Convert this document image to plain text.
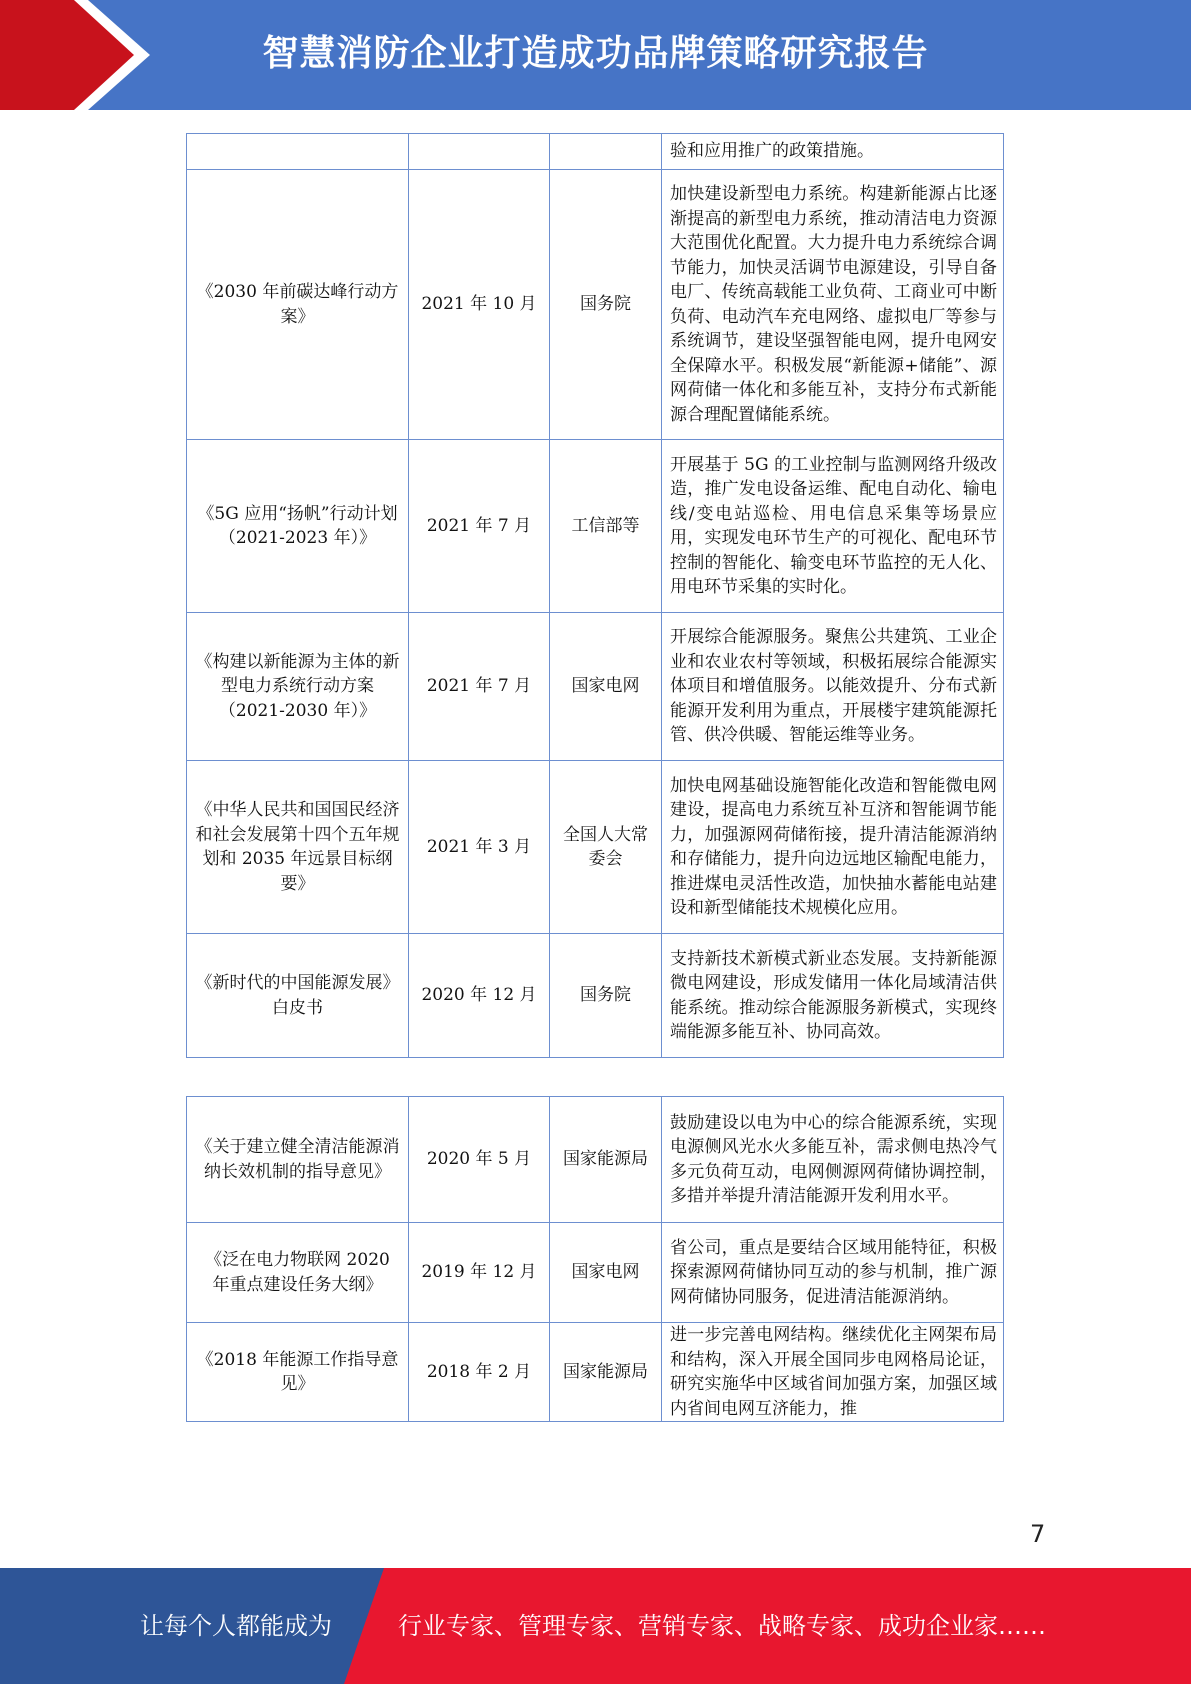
智慧消防企业打造成功品牌策略研究报告
			验和应用推广的政策措施。
《2030 年前碳达峰行动方案》	2021 年 10 月	国务院	加快建设新型电力系统。构建新能源占比逐渐提高的新型电力系统，推动清洁电力资源大范围优化配置。大力提升电力系统综合调节能力，加快灵活调节电源建设，引导自备电厂、传统高载能工业负荷、工商业可中断负荷、电动汽车充电网络、虚拟电厂等参与系统调节，建设坚强智能电网，提升电网安全保障水平。积极发展“新能源+储能”、源网荷储一体化和多能互补，支持分布式新能源合理配置储能系统。
《5G 应用“扬帆”行动计划（2021-2023 年）》	2021 年 7 月	工信部等	开展基于 5G 的工业控制与监测网络升级改造，推广发电设备运维、配电自动化、输电线/变电站巡检、用电信息采集等场景应用，实现发电环节生产的可视化、配电环节控制的智能化、输变电环节监控的无人化、用电环节采集的实时化。
《构建以新能源为主体的新型电力系统行动方案（2021-2030 年）》	2021 年 7 月	国家电网	开展综合能源服务。聚焦公共建筑、工业企业和农业农村等领域，积极拓展综合能源实体项目和增值服务。以能效提升、分布式新能源开发利用为重点，开展楼宇建筑能源托管、供冷供暖、智能运维等业务。
《中华人民共和国国民经济和社会发展第十四个五年规划和 2035 年远景目标纲要》	2021 年 3 月	全国人大常委会	加快电网基础设施智能化改造和智能微电网建设，提高电力系统互补互济和智能调节能力，加强源网荷储衔接，提升清洁能源消纳和存储能力，提升向边远地区输配电能力，推进煤电灵活性改造，加快抽水蓄能电站建设和新型储能技术规模化应用。
《新时代的中国能源发展》白皮书	2020 年 12 月	国务院	支持新技术新模式新业态发展。支持新能源微电网建设，形成发储用一体化局域清洁供能系统。推动综合能源服务新模式，实现终端能源多能互补、协同高效。
《关于建立健全清洁能源消纳长效机制的指导意见》	2020 年 5 月	国家能源局	鼓励建设以电为中心的综合能源系统，实现电源侧风光水火多能互补，需求侧电热冷气多元负荷互动，电网侧源网荷储协调控制，多措并举提升清洁能源开发利用水平。
《泛在电力物联网 2020 年重点建设任务大纲》	2019 年 12 月	国家电网	省公司，重点是要结合区域用能特征，积极探索源网荷储协同互动的参与机制，推广源网荷储协同服务，促进清洁能源消纳。
《2018 年能源工作指导意见》	2018 年 2 月	国家能源局	进一步完善电网结构。继续优化主网架布局和结构，深入开展全国同步电网格局论证，研究实施华中区域省间加强方案，加强区域内省间电网互济能力，推
7
让每个人都能成为	行业专家、管理专家、营销专家、战略专家、成功企业家……
